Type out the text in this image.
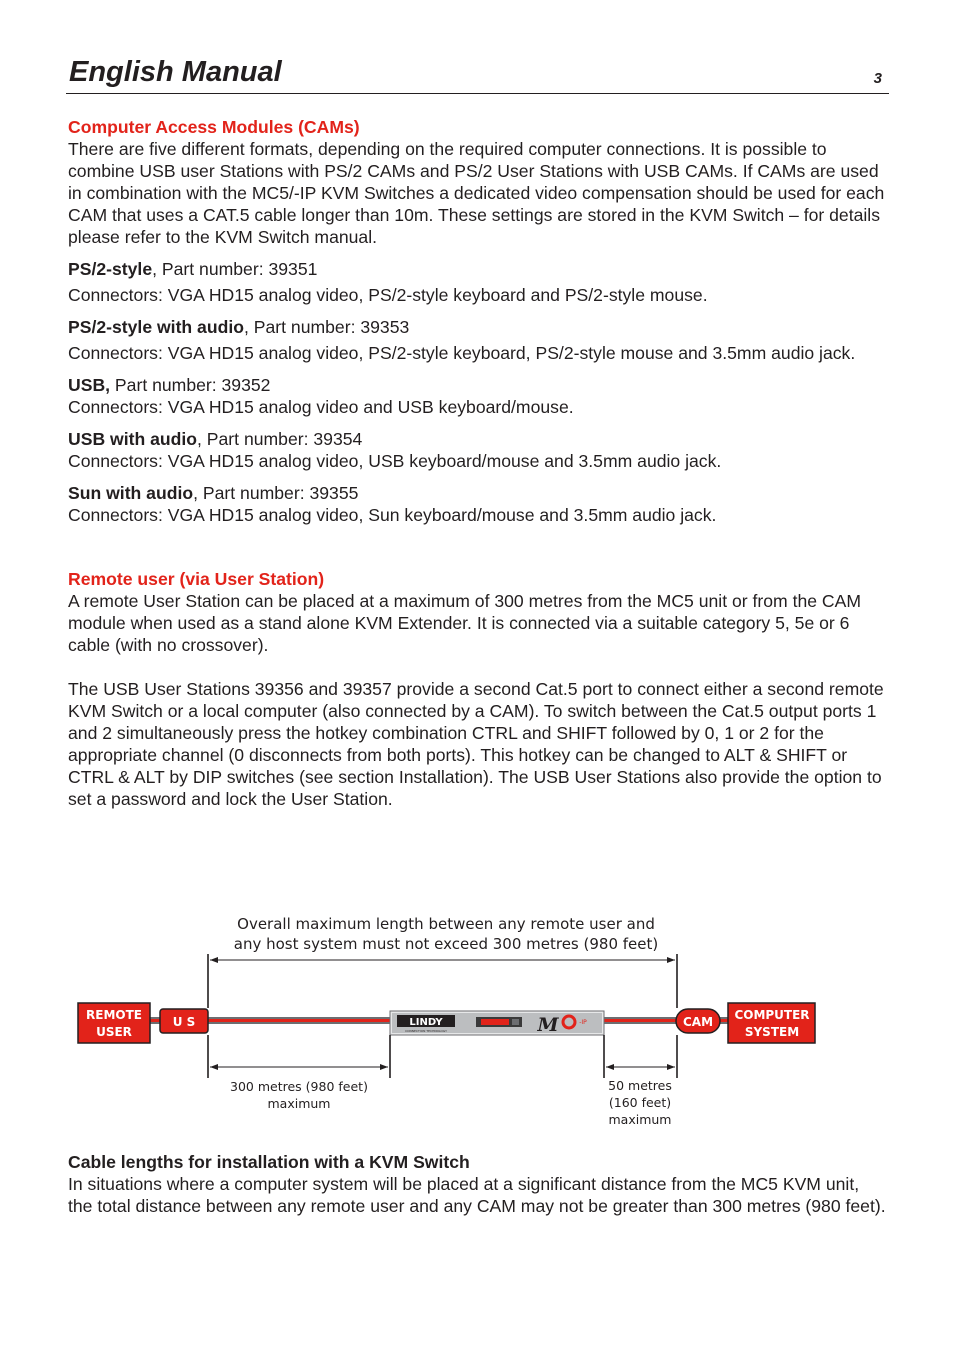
English Manual	3

Computer Access Modules (CAMs)

There are five different formats, depending on the required computer connections. It is possible to combine USB user Stations with PS/2 CAMs and PS/2 User Stations with USB CAMs. If CAMs are used in combination with the MC5/-IP KVM Switches a dedicated video compensation should be used for each CAM that uses a CAT.5 cable longer than 10m. These settings are stored in the KVM Switch – for details please refer to the KVM Switch manual.

PS/2-style, Part number: 39351

Connectors: VGA HD15 analog video, PS/2-style keyboard and PS/2-style mouse.

PS/2-style with audio, Part number: 39353

Connectors: VGA HD15 analog video, PS/2-style keyboard, PS/2-style mouse and 3.5mm audio jack.

USB, Part number: 39352

Connectors: VGA HD15 analog video and USB keyboard/mouse.

USB with audio, Part number: 39354

Connectors: VGA HD15 analog video, USB keyboard/mouse and 3.5mm audio jack.

Sun with audio, Part number: 39355

Connectors: VGA HD15 analog video, Sun keyboard/mouse and 3.5mm audio jack.

Remote user (via User Station)

A remote User Station can be placed at a maximum of 300 metres from the MC5 unit or from the CAM module when used as a stand alone KVM Extender. It is connected via a suitable category 5, 5e or 6 cable (with no crossover).

The USB User Stations 39356 and 39357 provide a second Cat.5 port to connect either a second remote KVM Switch or a local computer (also connected by a CAM). To switch between the Cat.5 output ports 1 and 2 simultaneously press the hotkey combination CTRL and SHIFT followed by 0, 1 or 2 for the appropriate channel (0 disconnects from both ports). This hotkey can be changed to ALT & SHIFT or CTRL & ALT by DIP switches (see section Installation). The USB User Stations also provide the option to set a password and lock the User Station.

Overall maximum length between any remote user and
any host system must not exceed 300 metres (980 feet)
REMOTE
USER
U S	LINDY
CONNECTION TECHNOLOGY	M	-IP	CAM COMPUTER
SYSTEM
300 metres (980 feet)
maximum
50 metres
(160 feet)
maximum

Cable lengths for installation with a KVM Switch

In situations where a computer system will be placed at a significant distance from the MC5 KVM unit, the total distance between any remote user and any CAM may not be greater than 300 metres (980 feet).
